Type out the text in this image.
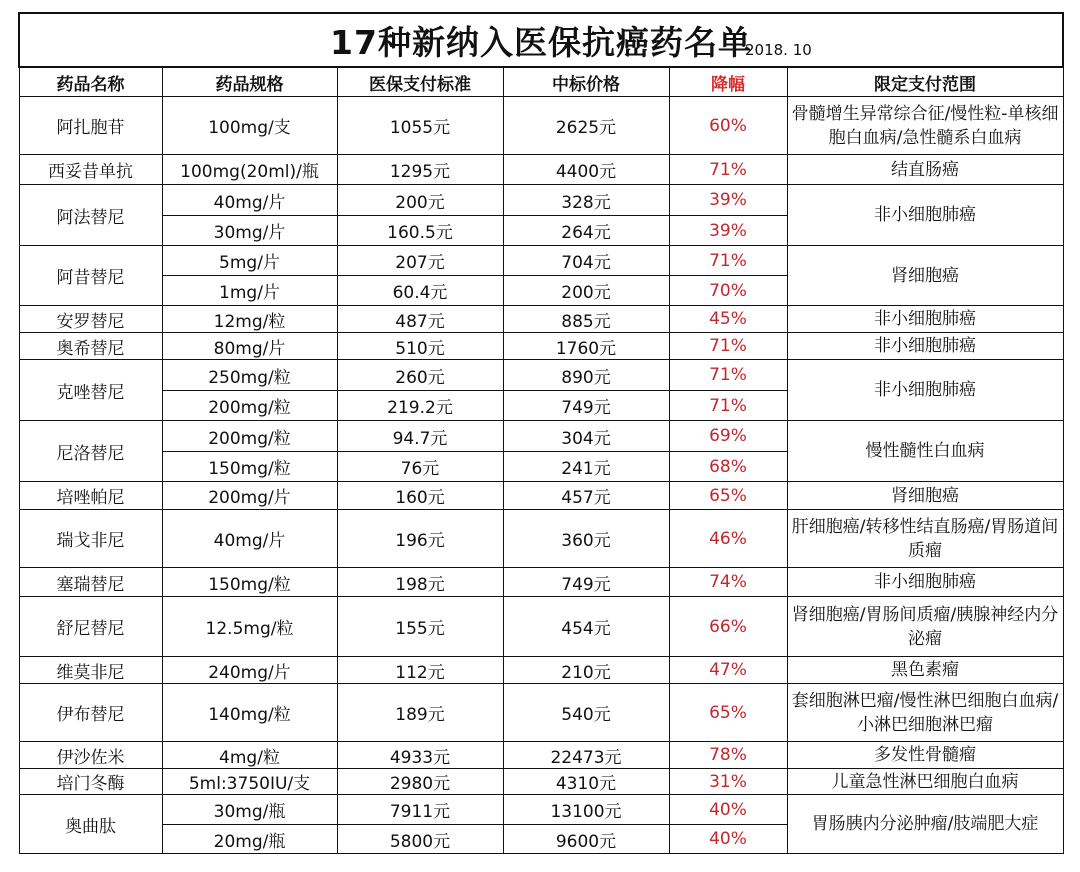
17种新纳入医保抗癌药名单
2018. 10					

药品名称	药品规格	医保支付标准	中标价格	降幅	限定支付范围
阿扎胞苷	100mg/支	1055元	2625元	60%	骨髓增生异常综合征/慢性粒-单核细胞白血病/急性髓系白血病
西妥昔单抗	100mg(20ml)/瓶	1295元	4400元	71%	结直肠癌
阿法替尼	40mg/片	200元	328元	39%	非小细胞肺癌
	30mg/片	160.5元	264元	39%	
阿昔替尼	5mg/片	207元	704元	71%	肾细胞癌
	1mg/片	60.4元	200元	70%	
安罗替尼	12mg/粒	487元	885元	45%	非小细胞肺癌
奥希替尼	80mg/片	510元	1760元	71%	非小细胞肺癌
克唑替尼	250mg/粒	260元	890元	71%	非小细胞肺癌
	200mg/粒	219.2元	749元	71%	
尼洛替尼	200mg/粒	94.7元	304元	69%	慢性髓性白血病
	150mg/粒	76元	241元	68%	
培唑帕尼	200mg/片	160元	457元	65%	肾细胞癌
瑞戈非尼	40mg/片	196元	360元	46%	肝细胞癌/转移性结直肠癌/胃肠道间质瘤
塞瑞替尼	150mg/粒	198元	749元	74%	非小细胞肺癌
舒尼替尼	12.5mg/粒	155元	454元	66%	肾细胞癌/胃肠间质瘤/胰腺神经内分泌瘤
维莫非尼	240mg/片	112元	210元	47%	黑色素瘤
伊布替尼	140mg/粒	189元	540元	65%	套细胞淋巴瘤/慢性淋巴细胞白血病/小淋巴细胞淋巴瘤
伊沙佐米	4mg/粒	4933元	22473元	78%	多发性骨髓瘤
培门冬酶	5ml:3750IU/支	2980元	4310元	31%	儿童急性淋巴细胞白血病
奥曲肽	30mg/瓶	7911元	13100元	40%	胃肠胰内分泌肿瘤/肢端肥大症
	20mg/瓶	5800元	9600元	40%	
